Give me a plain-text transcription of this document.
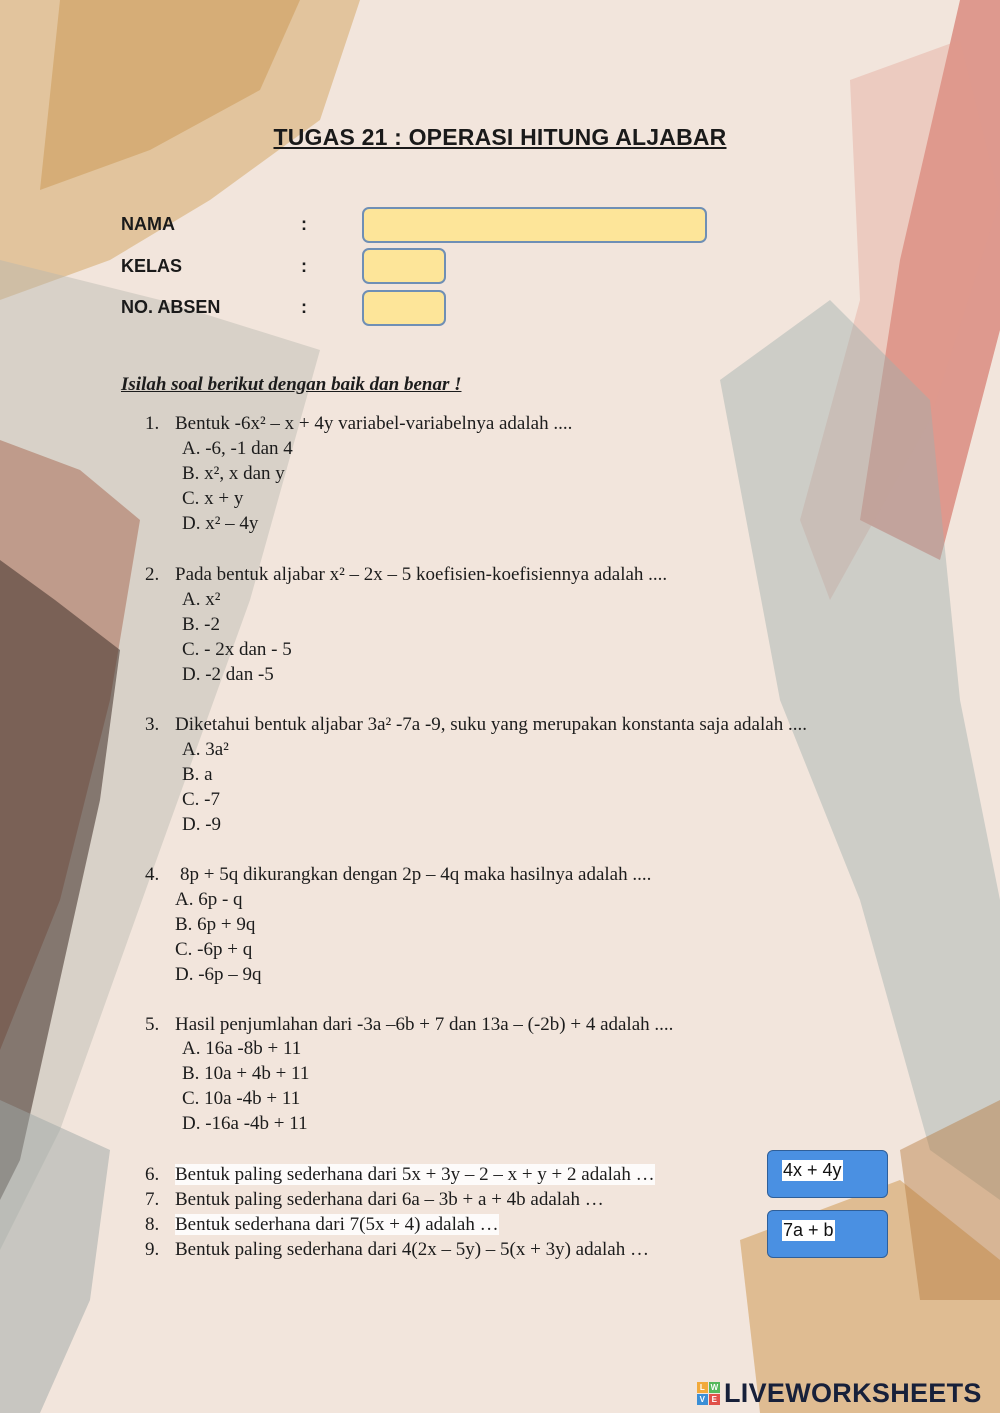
TUGAS 21 : OPERASI HITUNG ALJABAR
NAMA	:
KELAS	:
NO. ABSEN	:
Isilah soal berikut dengan baik dan benar !
1. Bentuk -6x² – x + 4y variabel-variabelnya adalah ....
A. -6, -1 dan 4
B. x², x dan y
C. x + y
D. x² – 4y
2. Pada bentuk aljabar x² – 2x – 5 koefisien-koefisiennya adalah ....
A. x²
B. -2
C. - 2x dan - 5
D. -2 dan -5
3. Diketahui bentuk aljabar 3a² -7a -9, suku yang merupakan konstanta saja adalah ....
A. 3a²
B. a
C. -7
D. -9
4. 8p + 5q dikurangkan dengan 2p – 4q maka hasilnya adalah ....
A. 6p - q
B. 6p + 9q
C. -6p + q
D. -6p – 9q
5. Hasil penjumlahan dari -3a –6b + 7 dan 13a – (-2b) + 4 adalah ....
A. 16a -8b + 11
B. 10a + 4b + 11
C. 10a -4b + 11
D. -16a -4b + 11
6. Bentuk paling sederhana dari 5x + 3y – 2 – x + y + 2 adalah …
7. Bentuk paling sederhana dari 6a – 3b + a + 4b adalah …
8. Bentuk sederhana dari 7(5x + 4) adalah …
9. Bentuk paling sederhana dari 4(2x – 5y) – 5(x + 3y) adalah …
4x + 4y
7a + b
L W
V E LIVEWORKSHEETS
